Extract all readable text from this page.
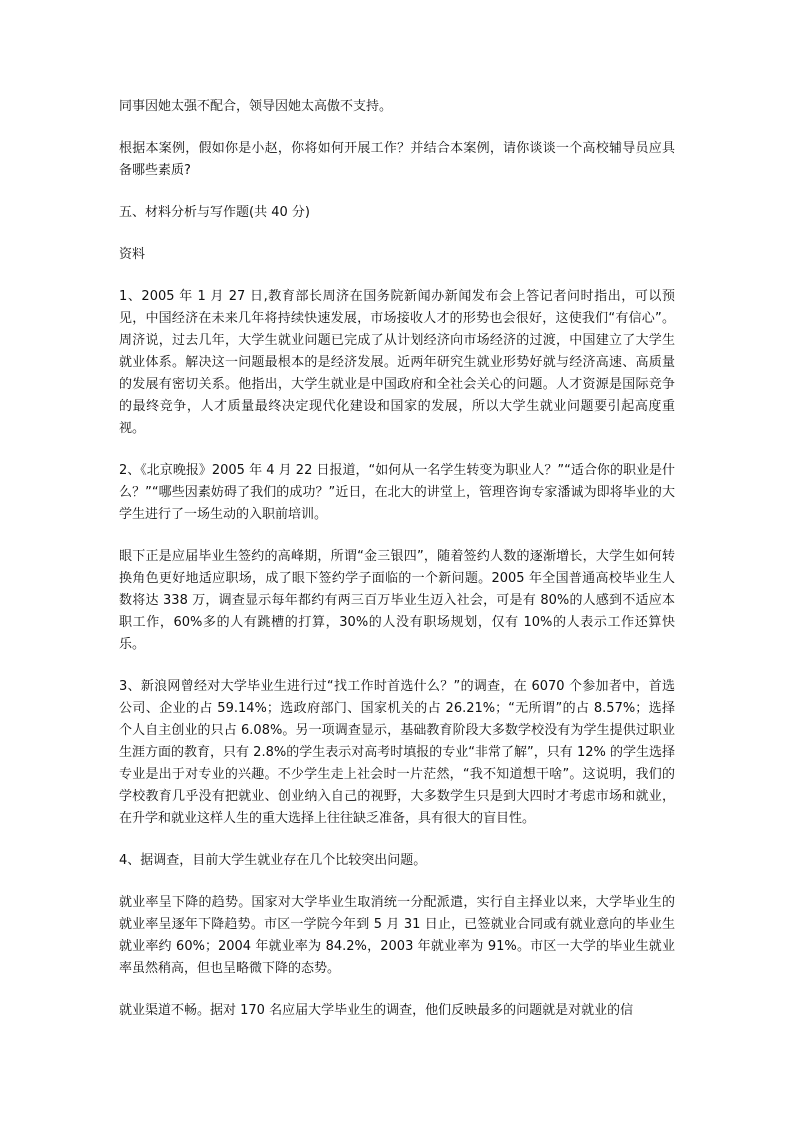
同事因她太强不配合，领导因她太高傲不支持。

根据本案例，假如你是小赵，你将如何开展工作？并结合本案例，请你谈谈一个高校辅导员应具备哪些素质?

五、材料分析与写作题(共 40 分)

资料

1、2005 年 1 月 27 日,教育部长周济在国务院新闻办新闻发布会上答记者问时指出，可以预见，中国经济在未来几年将持续快速发展，市场接收人才的形势也会很好，这使我们“有信心”。周济说，过去几年，大学生就业问题已完成了从计划经济向市场经济的过渡，中国建立了大学生就业体系。解决这一问题最根本的是经济发展。近两年研究生就业形势好就与经济高速、高质量的发展有密切关系。他指出，大学生就业是中国政府和全社会关心的问题。人才资源是国际竞争的最终竞争，人才质量最终决定现代化建设和国家的发展，所以大学生就业问题要引起高度重视。

2、《北京晚报》2005 年 4 月 22 日报道，“如何从一名学生转变为职业人？”“适合你的职业是什么？”“哪些因素妨碍了我们的成功？”近日，在北大的讲堂上，管理咨询专家潘诚为即将毕业的大学生进行了一场生动的入职前培训。

眼下正是应届毕业生签约的高峰期，所谓“金三银四”，随着签约人数的逐渐增长，大学生如何转换角色更好地适应职场，成了眼下签约学子面临的一个新问题。2005 年全国普通高校毕业生人数将达 338 万，调查显示每年都约有两三百万毕业生迈入社会，可是有 80%的人感到不适应本职工作，60%多的人有跳槽的打算，30%的人没有职场规划，仅有 10%的人表示工作还算快乐。

3、新浪网曾经对大学毕业生进行过“找工作时首选什么？”的调查，在 6070 个参加者中，首选公司、企业的占 59.14%；选政府部门、国家机关的占 26.21%；“无所谓”的占 8.57%；选择个人自主创业的只占 6.08%。另一项调查显示，基础教育阶段大多数学校没有为学生提供过职业生涯方面的教育，只有 2.8%的学生表示对高考时填报的专业“非常了解”，只有 12% 的学生选择专业是出于对专业的兴趣。不少学生走上社会时一片茫然，“我不知道想干啥”。这说明，我们的学校教育几乎没有把就业、创业纳入自己的视野，大多数学生只是到大四时才考虑市场和就业，在升学和就业这样人生的重大选择上往往缺乏准备，具有很大的盲目性。

4、据调查，目前大学生就业存在几个比较突出问题。

就业率呈下降的趋势。国家对大学毕业生取消统一分配派遣，实行自主择业以来，大学毕业生的就业率呈逐年下降趋势。市区一学院今年到 5 月 31 日止，已签就业合同或有就业意向的毕业生就业率约 60%；2004 年就业率为 84.2%，2003 年就业率为 91%。市区一大学的毕业生就业率虽然稍高，但也呈略微下降的态势。

就业渠道不畅。据对 170 名应届大学毕业生的调查，他们反映最多的问题就是对就业的信
